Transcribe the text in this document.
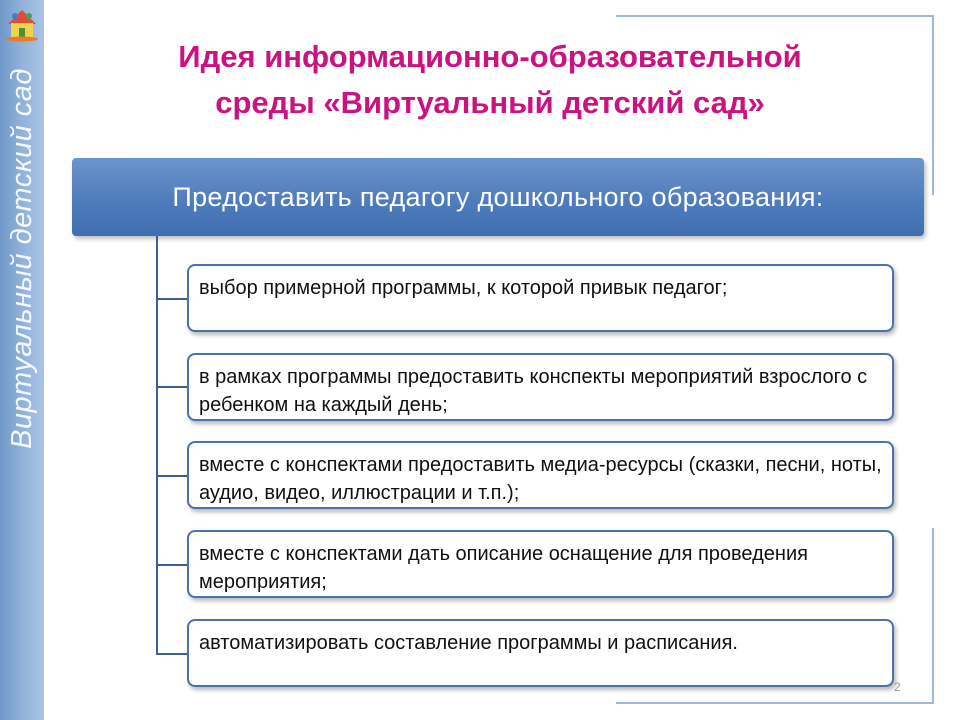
Виртуальный детский сад
Идея информационно-образовательной
среды «Виртуальный детский сад»
Предоставить педагогу дошкольного образования:
выбор примерной программы, к которой привык педагог;
в рамках программы предоставить конспекты мероприятий взрослого с ребенком на каждый день;
вместе с конспектами предоставить медиа-ресурсы (сказки, песни, ноты, аудио, видео, иллюстрации и т.п.);
вместе с конспектами дать описание оснащение для проведения мероприятия;
автоматизировать составление программы и расписания.
2
